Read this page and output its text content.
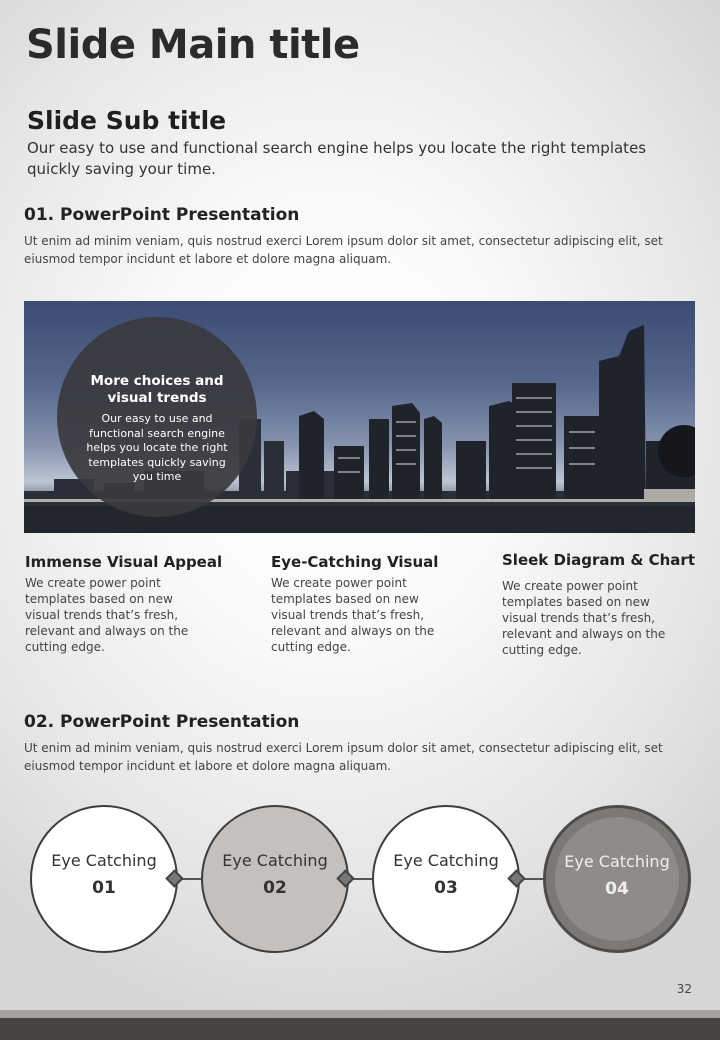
Slide Main title
Slide Sub title
Our easy to use and functional search engine helps you locate the right templates quickly saving your time.
01. PowerPoint Presentation
Ut enim ad minim veniam, quis nostrud exerci Lorem ipsum dolor sit amet, consectetur adipiscing elit, set eiusmod tempor incidunt et labore et dolore magna aliquam.
More choices and visual trends
Our easy to use and functional search engine helps you locate the right templates quickly saving you time
Immense Visual Appeal
We create power point templates based on new visual trends that’s fresh, relevant and always on the cutting edge.
Eye-Catching Visual
We create power point templates based on new visual trends that’s fresh, relevant and always on the cutting edge.
Sleek Diagram & Chart
We create power point templates based on new visual trends that’s fresh, relevant and always on the cutting edge.
02. PowerPoint Presentation
Ut enim ad minim veniam, quis nostrud exerci Lorem ipsum dolor sit amet, consectetur adipiscing elit, set eiusmod tempor incidunt et labore et dolore magna aliquam.
Eye Catching
01
Eye Catching
02
Eye Catching
03
Eye Catching
04
32
